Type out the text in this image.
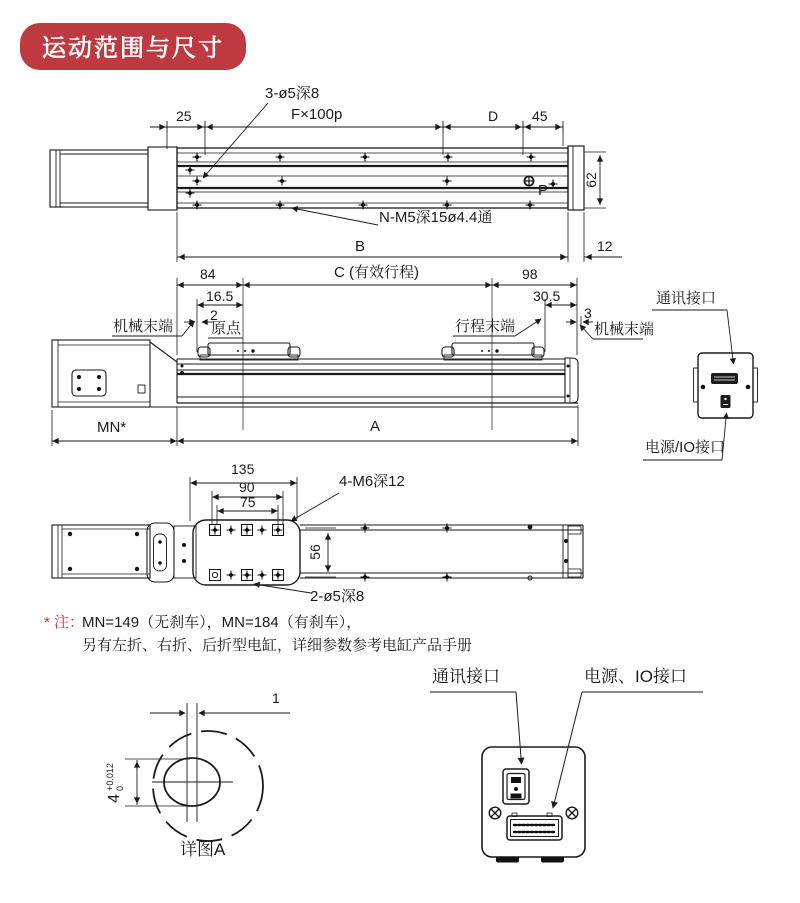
运动范围与尺寸
3-ø5深8
25	F×100p	D 45
62
P
N-M5深15ø4.4通
B	12
84	C (有效行程)	98
16.5	30.5
2	3
机械末端	原点	行程末端	机械末端
MN*	A
通讯接口
电源/IO接口
135
90
75
4-M6深12
56
2-ø5深8
* 注：
MN=149（无刹车），MN=184（有刹车），
另有左折、右折、后折型电缸，详细参数参考电缸产品手册
1
4
+0.012 0
详图A
通讯接口	电源、IO接口
